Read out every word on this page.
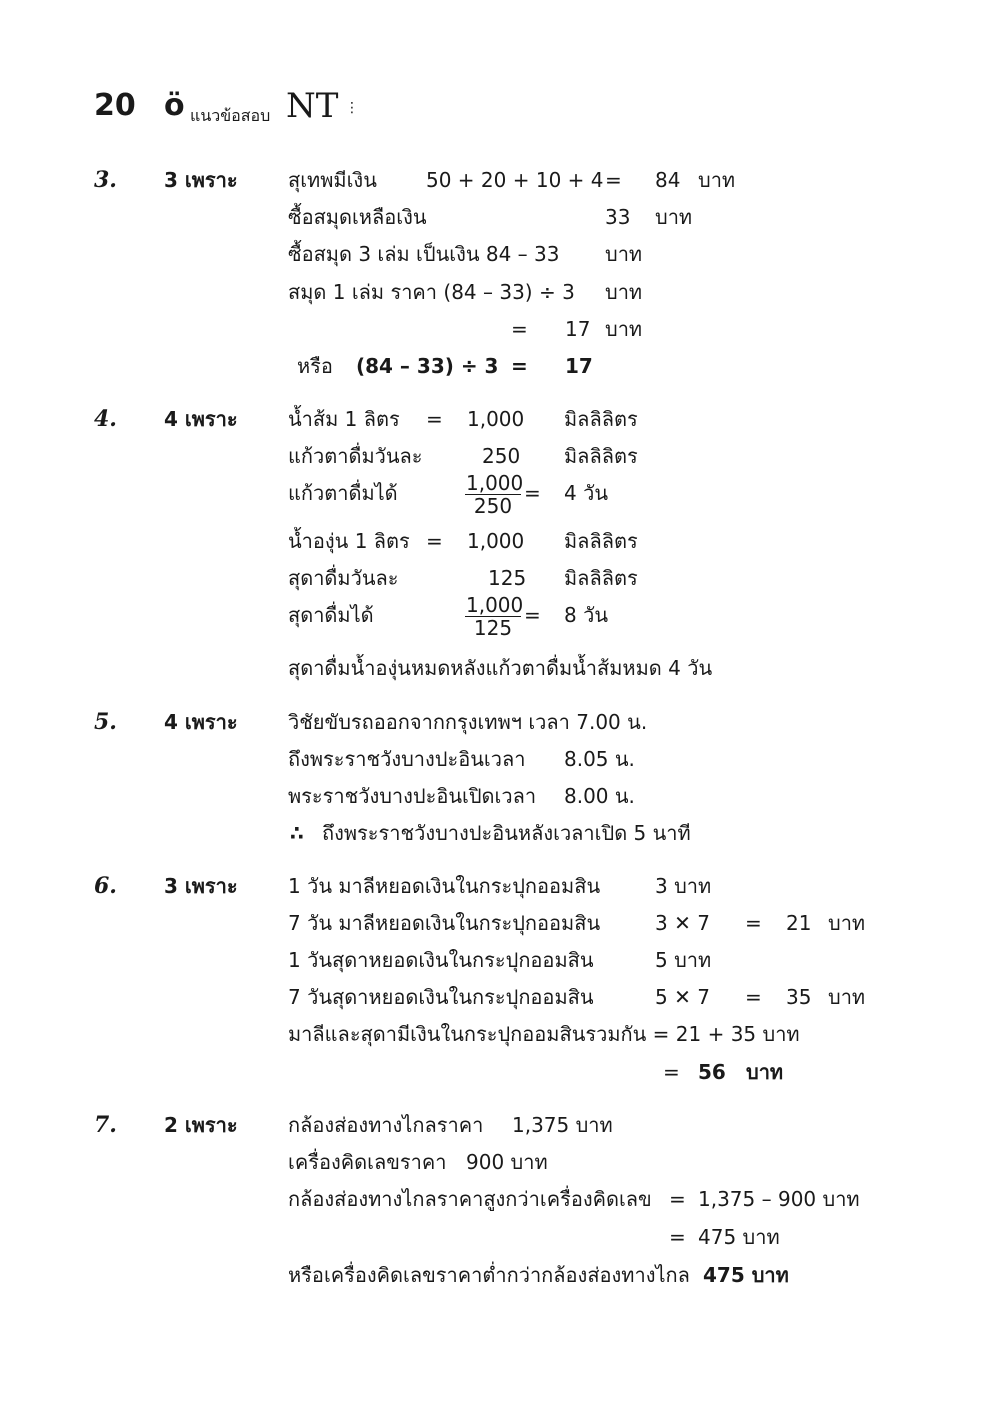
20 ö แนวข้อสอบ NT ⋮
3. 3 เพราะ	สุเทพมีเงิน 50 + 20 + 10 + 4 = 84 บาท
ซื้อสมุดเหลือเงิน	33 บาท
ซื้อสมุด 3 เล่ม เป็นเงิน 84 – 33 บาท
สมุด 1 เล่ม ราคา (84 – 33) ÷ 3 บาท
= 17 บาท
หรือ (84 – 33) ÷ 3 = 17
4. 4 เพราะ	น้ำส้ม 1 ลิตร = 1,000 มิลลิลิตร
แก้วตาดื่มวันละ	250 มิลลิลิตร
แก้วตาดื่มได้	$\frac{1,000}{250} = 4$ วัน
น้ำองุ่น 1 ลิตร = 1,000 มิลลิลิตร
สุดาดื่มวันละ	125 มิลลิลิตร
สุดาดื่มได้	$\frac{1,000}{125} = 8$ วัน
สุดาดื่มน้ำองุ่นหมดหลังแก้วตาดื่มน้ำส้มหมด 4 วัน
5. 4 เพราะ	วิชัยขับรถออกจากกรุงเทพฯ เวลา 7.00 น.
ถึงพระราชวังบางปะอินเวลา 8.05 น.
พระราชวังบางปะอินเปิดเวลา 8.00 น.
∴ ถึงพระราชวังบางปะอินหลังเวลาเปิด 5 นาที
6. 3 เพราะ	1 วัน มาลีหยอดเงินในกระปุกออมสิน	3 บาท
7 วัน มาลีหยอดเงินในกระปุกออมสิน	3 ✕ 7 = 21 บาท
1 วันสุดาหยอดเงินในกระปุกออมสิน	5 บาท
7 วันสุดาหยอดเงินในกระปุกออมสิน	5 ✕ 7 = 35 บาท
มาลีและสุดามีเงินในกระปุกออมสินรวมกัน = 21 + 35 บาท
= 56 บาท
7. 2 เพราะ	กล้องส่องทางไกลราคา 1,375 บาท
เครื่องคิดเลขราคา 900 บาท
กล้องส่องทางไกลราคาสูงกว่าเครื่องคิดเลข = 1,375 – 900 บาท
= 475 บาท
หรือเครื่องคิดเลขราคาต่ำกว่ากล้องส่องทางไกล 475 บาท
